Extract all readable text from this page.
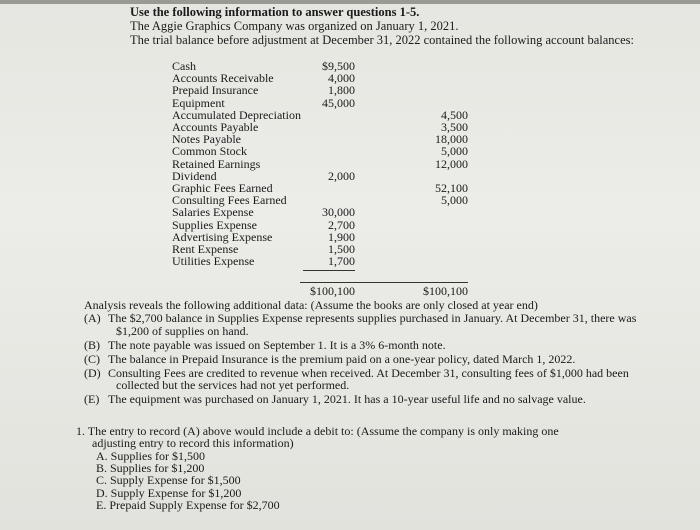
Use the following information to answer questions 1-5.
The Aggie Graphics Company was organized on January 1, 2021.
The trial balance before adjustment at December 31, 2022 contained the following account balances:
Cash	$9,500
Accounts Receivable	4,000
Prepaid Insurance	1,800
Equipment	45,000
Accumulated Depreciation	4,500
Accounts Payable	3,500
Notes Payable	18,000
Common Stock	5,000
Retained Earnings	12,000
Dividend	2,000
Graphic Fees Earned	52,100
Consulting Fees Earned	5,000
Salaries Expense	30,000
Supplies Expense	2,700
Advertising Expense	1,900
Rent Expense	1,500
Utilities Expense	1,700
$100,100	$100,100
Analysis reveals the following additional data: (Assume the books are only closed at year end)
(A) The $2,700 balance in Supplies Expense represents supplies purchased in January. At December 31, there was
$1,200 of supplies on hand.
(B) The note payable was issued on September 1. It is a 3% 6-month note.
(C) The balance in Prepaid Insurance is the premium paid on a one-year policy, dated March 1, 2022.
(D) Consulting Fees are credited to revenue when received. At December 31, consulting fees of $1,000 had been
collected but the services had not yet performed.
(E) The equipment was purchased on January 1, 2021. It has a 10-year useful life and no salvage value.
1. The entry to record (A) above would include a debit to: (Assume the company is only making one
adjusting entry to record this information)
A. Supplies for $1,500
B. Supplies for $1,200
C. Supply Expense for $1,500
D. Supply Expense for $1,200
E. Prepaid Supply Expense for $2,700
